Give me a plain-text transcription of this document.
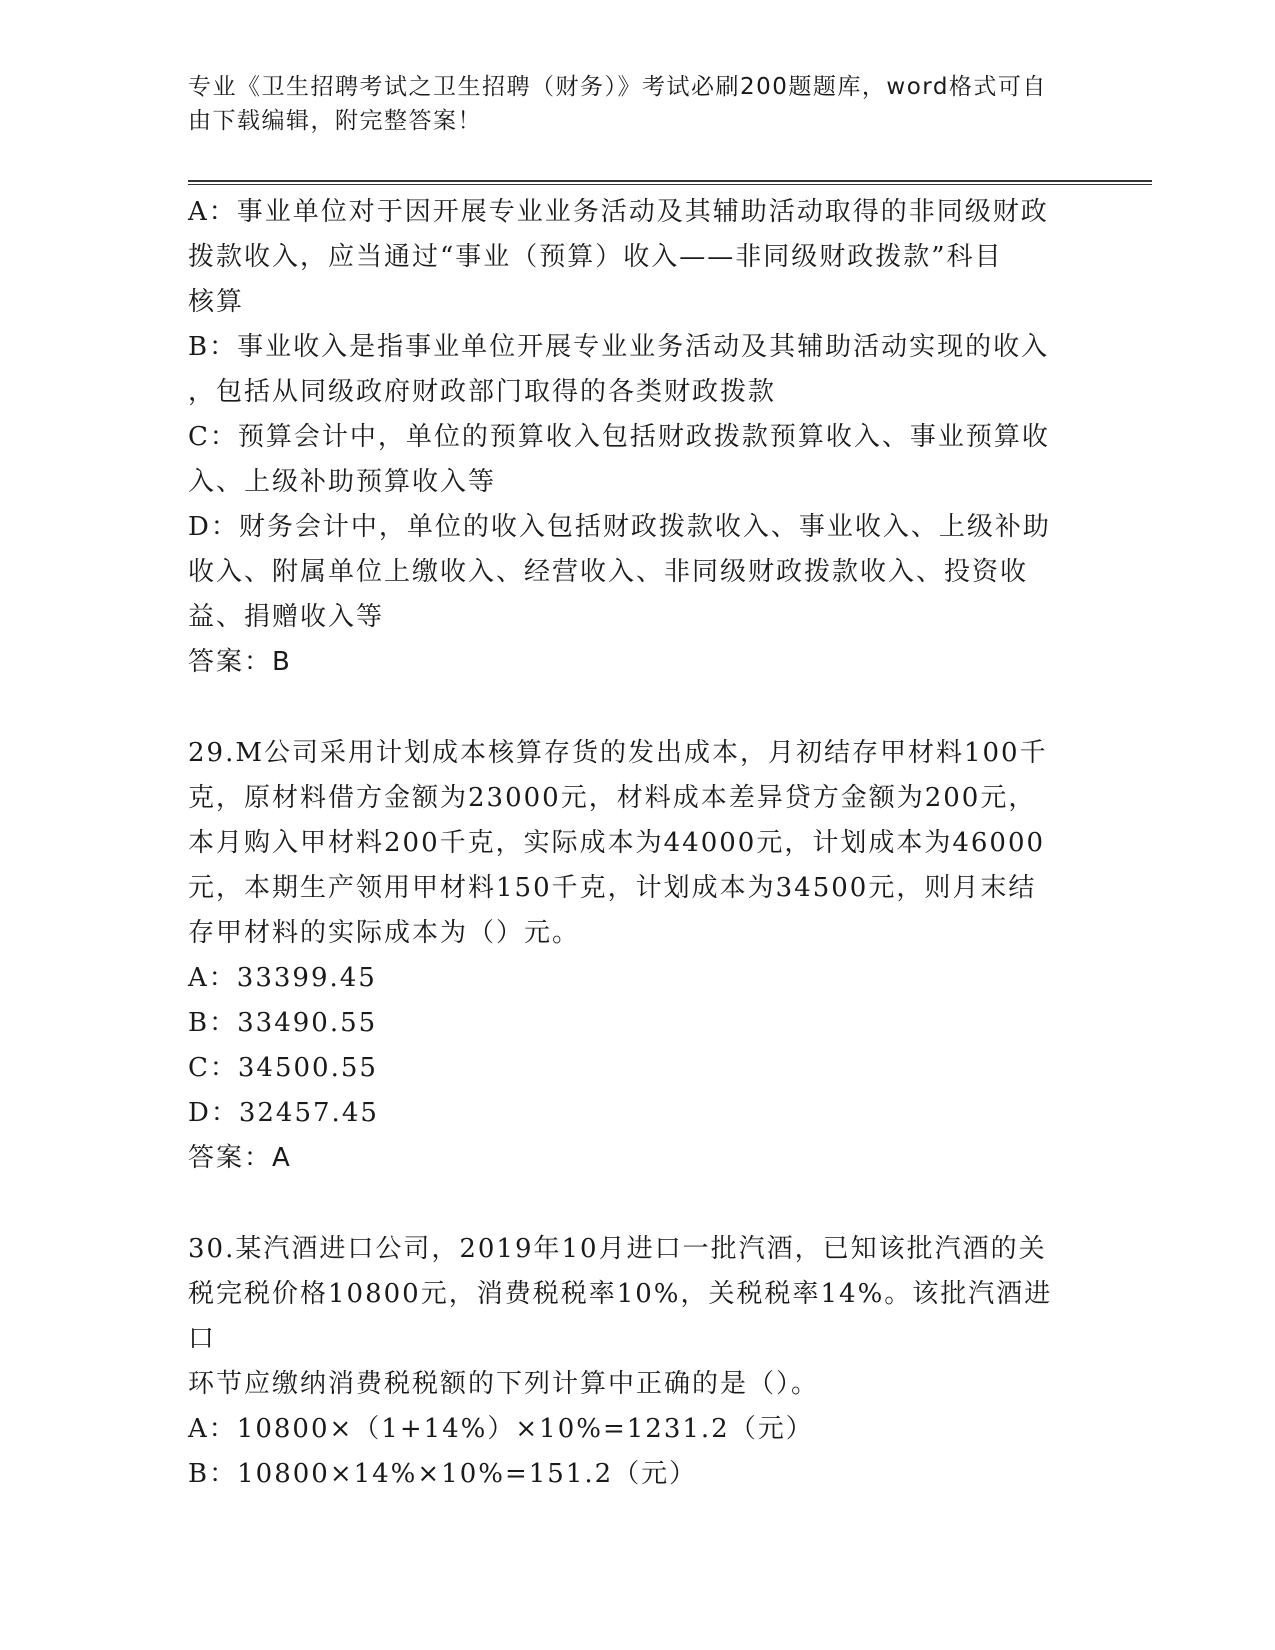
专业《卫生招聘考试之卫生招聘（财务）》考试必刷200题题库，word格式可自由下载编辑，附完整答案！
A：事业单位对于因开展专业业务活动及其辅助活动取得的非同级财政
拨款收入，应当通过“事业（预算）收入——非同级财政拨款”科目
核算
B：事业收入是指事业单位开展专业业务活动及其辅助活动实现的收入
，包括从同级政府财政部门取得的各类财政拨款
C：预算会计中，单位的预算收入包括财政拨款预算收入、事业预算收
入、上级补助预算收入等
D：财务会计中，单位的收入包括财政拨款收入、事业收入、上级补助
收入、附属单位上缴收入、经营收入、非同级财政拨款收入、投资收
益、捐赠收入等
答案：B
29.M公司采用计划成本核算存货的发出成本，月初结存甲材料100千
克，原材料借方金额为23000元，材料成本差异贷方金额为200元，
本月购入甲材料200千克，实际成本为44000元，计划成本为46000
元，本期生产领用甲材料150千克，计划成本为34500元，则月末结
存甲材料的实际成本为（）元。
A：33399.45
B：33490.55
C：34500.55
D：32457.45
答案：A
30.某汽酒进口公司，2019年10月进口一批汽酒，已知该批汽酒的关
税完税价格10800元，消费税税率10%，关税税率14%。该批汽酒进口
环节应缴纳消费税税额的下列计算中正确的是（）。
A：10800×（1+14%）×10%=1231.2（元）
B：10800×14%×10%=151.2（元）
